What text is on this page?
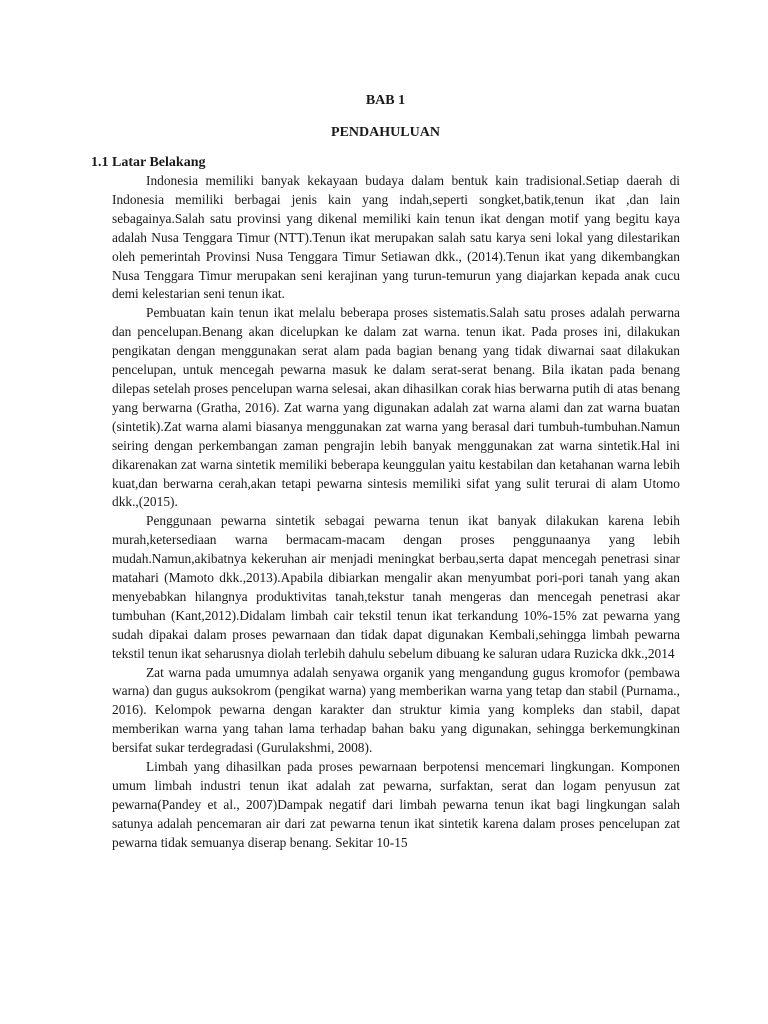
BAB 1
PENDAHULUAN
1.1 Latar Belakang

Indonesia memiliki banyak kekayaan budaya dalam bentuk kain tradisional.Setiap daerah di Indonesia memiliki berbagai jenis kain yang indah,seperti songket,batik,tenun ikat ,dan lain sebagainya.Salah satu provinsi yang dikenal memiliki kain tenun ikat dengan motif yang begitu kaya adalah Nusa Tenggara Timur (NTT).Tenun ikat merupakan salah satu karya seni lokal yang dilestarikan oleh pemerintah Provinsi Nusa Tenggara Timur Setiawan dkk., (2014).Tenun ikat yang dikembangkan Nusa Tenggara Timur merupakan seni kerajinan yang turun-temurun yang diajarkan kepada anak cucu demi kelestarian seni tenun ikat.

Pembuatan kain tenun ikat melalu beberapa proses sistematis.Salah satu proses adalah perwarna dan pencelupan.Benang akan dicelupkan ke dalam zat warna. tenun ikat. Pada proses ini, dilakukan pengikatan dengan menggunakan serat alam pada bagian benang yang tidak diwarnai saat dilakukan pencelupan, untuk mencegah pewarna masuk ke dalam serat-serat benang. Bila ikatan pada benang dilepas setelah proses pencelupan warna selesai, akan dihasilkan corak hias berwarna putih di atas benang yang berwarna (Gratha, 2016). Zat warna yang digunakan adalah zat warna alami dan zat warna buatan (sintetik).Zat warna alami biasanya menggunakan zat warna yang berasal dari tumbuh-tumbuhan.Namun seiring dengan perkembangan zaman pengrajin lebih banyak menggunakan zat warna sintetik.Hal ini dikarenakan zat warna sintetik memiliki beberapa keunggulan yaitu kestabilan dan ketahanan warna lebih kuat,dan berwarna cerah,akan tetapi pewarna sintesis memiliki sifat yang sulit terurai di alam Utomo dkk.,(2015).

Penggunaan pewarna sintetik sebagai pewarna tenun ikat banyak dilakukan karena lebih murah,ketersediaan warna bermacam-macam dengan proses penggunaanya yang lebih mudah.Namun,akibatnya kekeruhan air menjadi meningkat berbau,serta dapat mencegah penetrasi sinar matahari (Mamoto dkk.,2013).Apabila dibiarkan mengalir akan menyumbat pori-pori tanah yang akan menyebabkan hilangnya produktivitas tanah,tekstur tanah mengeras dan mencegah penetrasi akar tumbuhan (Kant,2012).Didalam limbah cair tekstil tenun ikat terkandung 10%-15% zat pewarna yang sudah dipakai dalam proses pewarnaan dan tidak dapat digunakan Kembali,sehingga limbah pewarna tekstil tenun ikat seharusnya diolah terlebih dahulu sebelum dibuang ke saluran udara Ruzicka dkk.,2014

Zat warna pada umumnya adalah senyawa organik yang mengandung gugus kromofor (pembawa warna) dan gugus auksokrom (pengikat warna) yang memberikan warna yang tetap dan stabil (Purnama., 2016). Kelompok pewarna dengan karakter dan struktur kimia yang kompleks dan stabil, dapat memberikan warna yang tahan lama terhadap bahan baku yang digunakan, sehingga berkemungkinan bersifat sukar terdegradasi (Gurulakshmi, 2008).

Limbah yang dihasilkan pada proses pewarnaan berpotensi mencemari lingkungan. Komponen umum limbah industri tenun ikat adalah zat pewarna, surfaktan, serat dan logam penyusun zat pewarna(Pandey et al., 2007)Dampak negatif dari limbah pewarna tenun ikat bagi lingkungan salah satunya adalah pencemaran air dari zat pewarna tenun ikat sintetik karena dalam proses pencelupan zat pewarna tidak semuanya diserap benang. Sekitar 10-15
